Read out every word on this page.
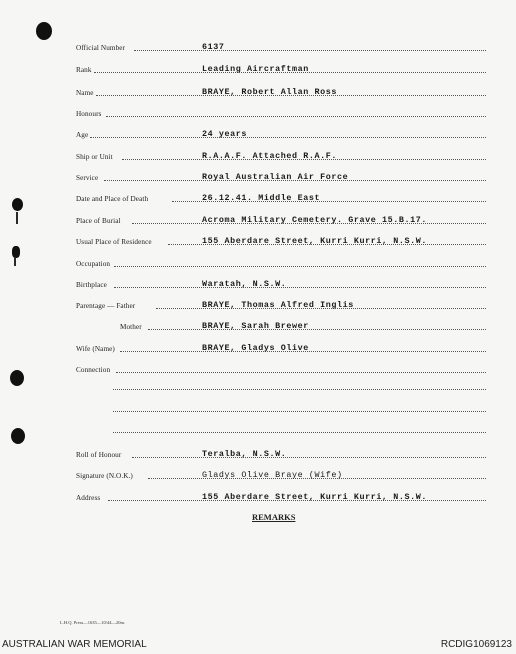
Official Number	6137
Rank	Leading Aircraftman
Name	BRAYE, Robert Allan Ross
Honours
Age	24 years
Ship or Unit	R.A.A.F. Attached R.A.F.
Service	Royal Australian Air Force
Date and Place of Death	26.12.41. Middle East
Place of Burial	Acroma Military Cemetery. Grave 15.B.17.
Usual Place of Residence	155 Aberdare Street, Kurri Kurri, N.S.W.
Occupation
Birthplace	Waratah, N.S.W.
Parentage — Father	BRAYE, Thomas Alfred Inglis
Mother	BRAYE, Sarah Brewer
Wife (Name)	BRAYE, Gladys Olive
Connection
Roll of Honour	Teralba, N.S.W.
Signature (N.O.K.)	Gladys Olive Braye (Wife)
Address	155 Aberdare Street, Kurri Kurri, N.S.W.
REMARKS
L.H.Q. Press—1635—10/44—20m.
AUSTRALIAN WAR MEMORIAL	RCDIG1069123
